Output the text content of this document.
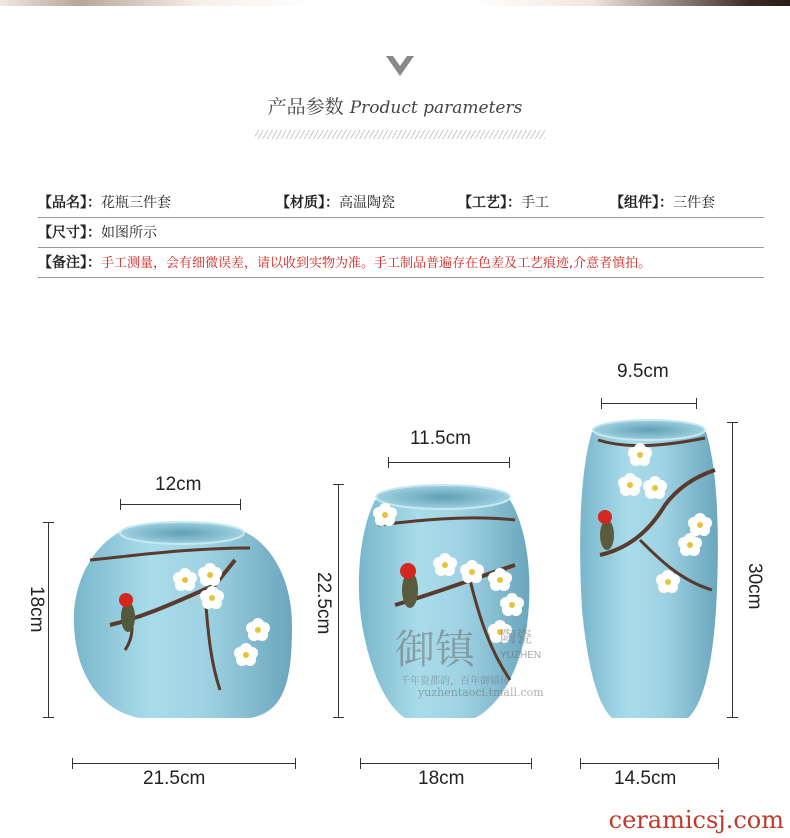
产品参数 Product parameters
【品名】：花瓶三件套	【材质】：高温陶瓷	【工艺】：手工	【组件】：三件套
【尺寸】：如图所示
【备注】：手工测量，会有细微误差，请以收到实物为准。手工制品普遍存在色差及工艺痕迹,介意者慎拍。
御镇 陶瓷
YUZHEN
千年瓷都韵，百年御镇传
yuzhentaoci.tmall.com
12cm
18cm
21.5cm
11.5cm
22.5cm
18cm
9.5cm
30cm
14.5cm
ceramicsj.com
